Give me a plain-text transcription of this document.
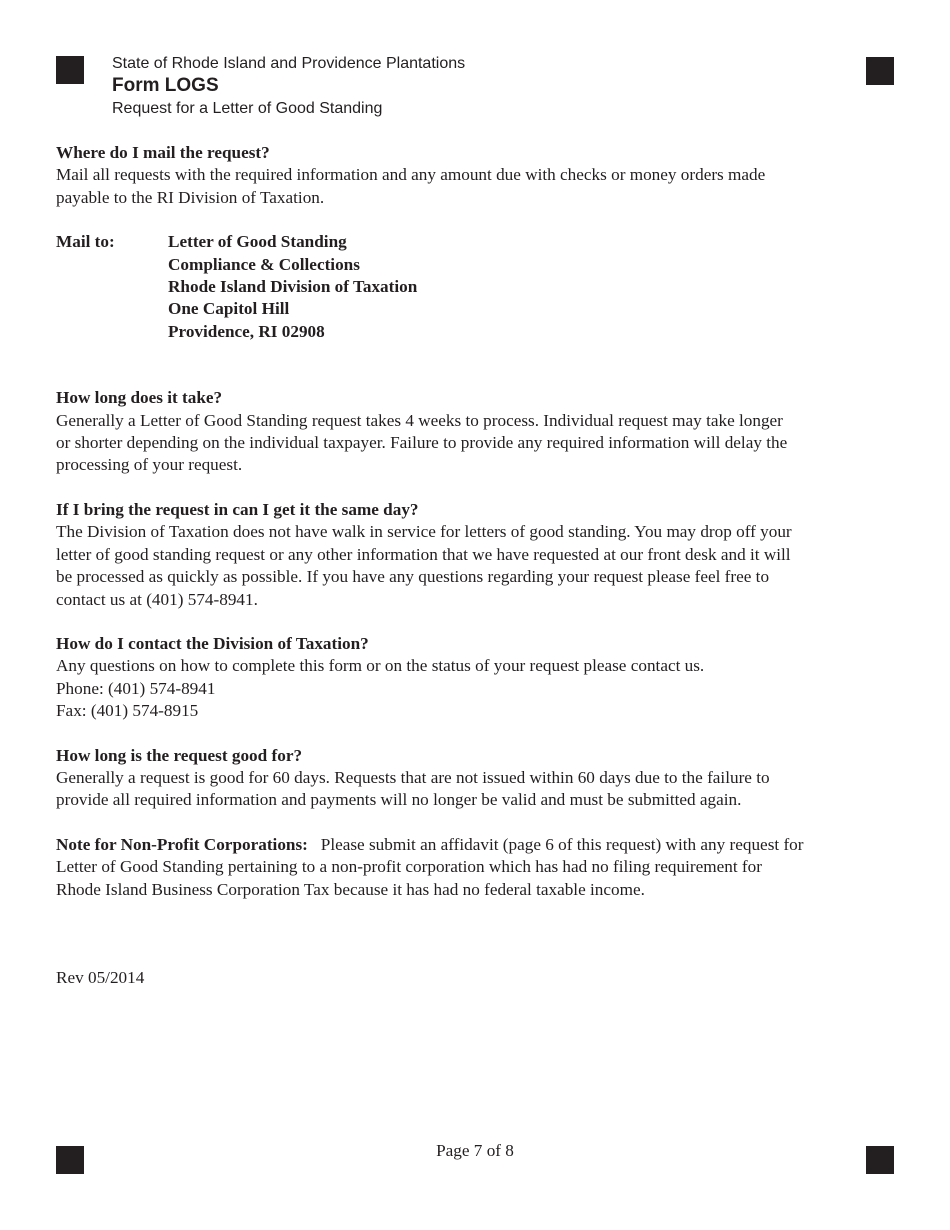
State of Rhode Island and Providence Plantations
Form LOGS
Request for a Letter of Good Standing

Where do I mail the request?

Mail all requests with the required information and any amount due with checks or money orders made

payable to the RI Division of Taxation.

Mail to:	Letter of Good Standing
Compliance & Collections
Rhode Island Division of Taxation
One Capitol Hill
Providence, RI 02908

How long does it take?

Generally a Letter of Good Standing request takes 4 weeks to process. Individual request may take longer

or shorter depending on the individual taxpayer. Failure to provide any required information will delay the

processing of your request.

If I bring the request in can I get it the same day?

The Division of Taxation does not have walk in service for letters of good standing. You may drop off your

letter of good standing request or any other information that we have requested at our front desk and it will

be processed as quickly as possible. If you have any questions regarding your request please feel free to

contact us at (401) 574-8941.

How do I contact the Division of Taxation?

Any questions on how to complete this form or on the status of your request please contact us.

Phone: (401) 574-8941

Fax: (401) 574-8915

How long is the request good for?

Generally a request is good for 60 days. Requests that are not issued within 60 days due to the failure to

provide all required information and payments will no longer be valid and must be submitted again.

Note for Non-Profit Corporations: Please submit an affidavit (page 6 of this request) with any request for

Letter of Good Standing pertaining to a non-profit corporation which has had no filing requirement for

Rhode Island Business Corporation Tax because it has had no federal taxable income.

Rev 05/2014

Page 7 of 8
